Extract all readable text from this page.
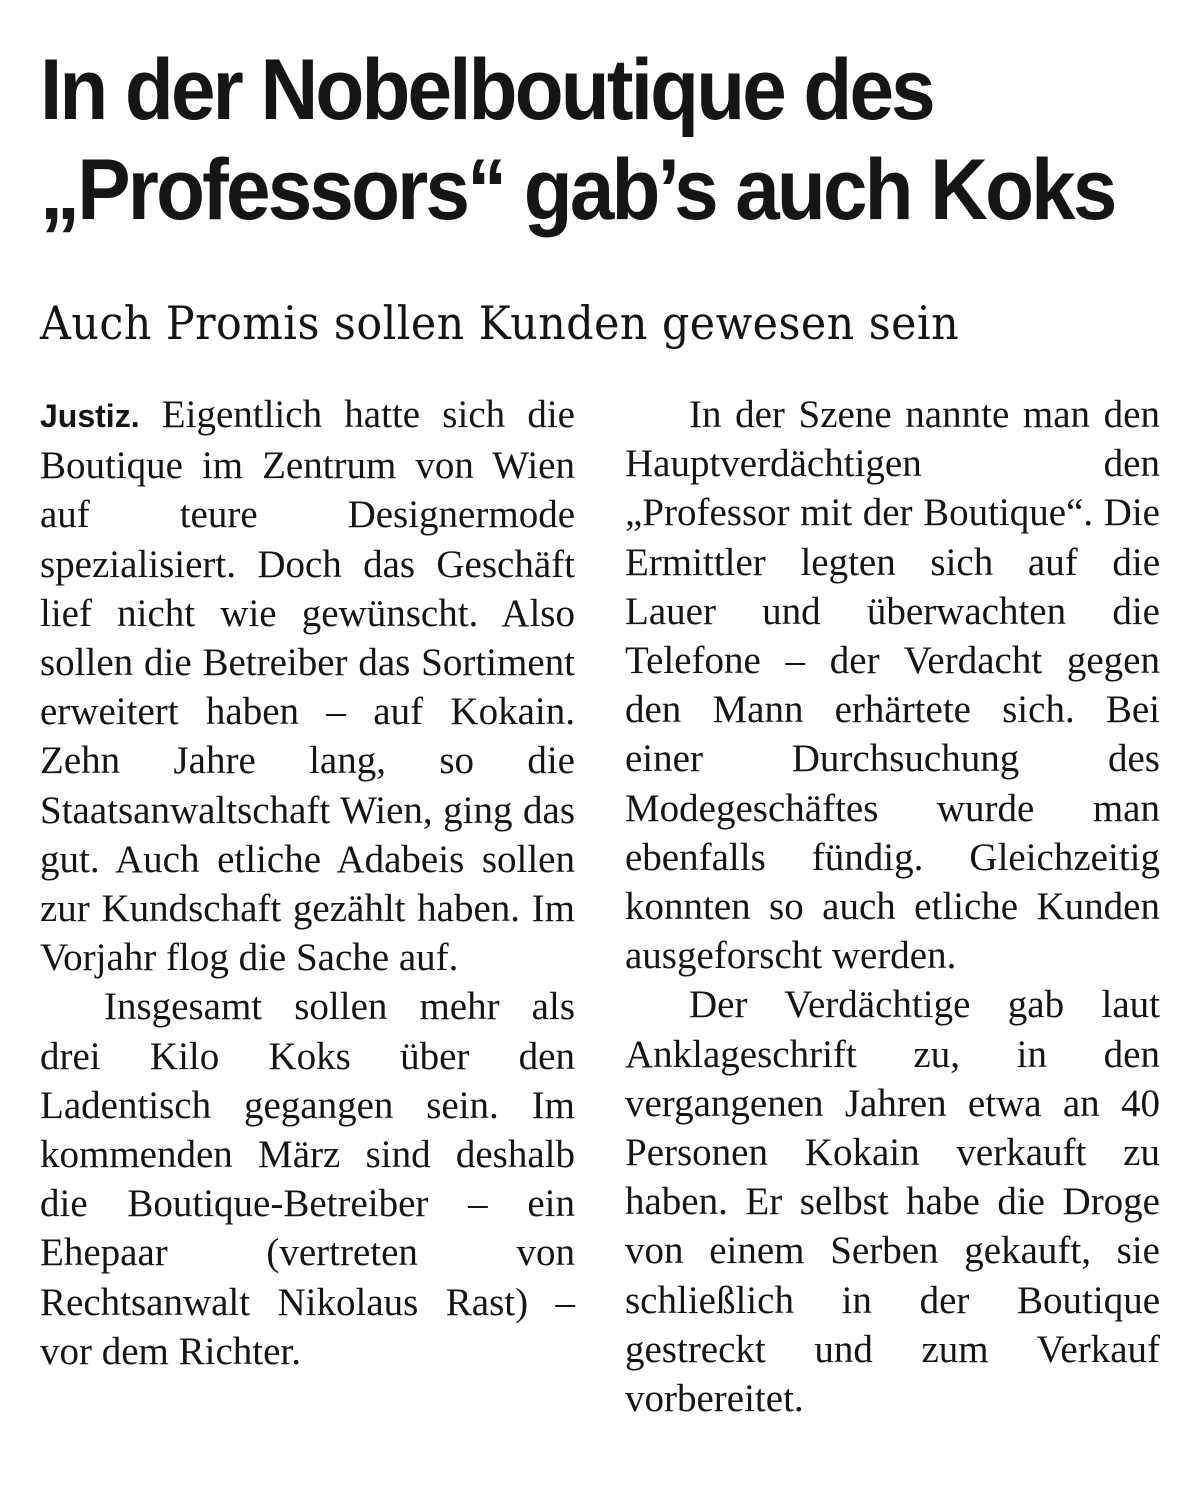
In der Nobelboutique des
„Professors“ gab’s auch Koks
Auch Promis sollen Kunden gewesen sein

Justiz. Eigentlich hatte sich die Boutique im Zentrum von Wien auf teure Designermode spezialisiert. Doch das Geschäft lief nicht wie gewünscht. Also sollen die Betreiber das Sortiment erweitert haben – auf Kokain. Zehn Jahre lang, so die Staatsanwaltschaft Wien, ging das gut. Auch etliche Adabeis sollen zur Kundschaft gezählt haben. Im Vorjahr flog die Sache auf.

Insgesamt sollen mehr als drei Kilo Koks über den Ladentisch gegangen sein. Im kommenden März sind deshalb die Boutique-Betreiber – ein Ehepaar (vertreten von Rechtsanwalt Nikolaus Rast) – vor dem Richter.

In der Szene nannte man den Hauptverdächtigen den „Professor mit der Boutique“. Die Ermittler legten sich auf die Lauer und überwachten die Telefone – der Verdacht gegen den Mann erhärtete sich. Bei einer Durchsuchung des Modegeschäftes wurde man ebenfalls fündig. Gleichzeitig konnten so auch etliche Kunden ausgeforscht werden.

Der Verdächtige gab laut Anklageschrift zu, in den vergangenen Jahren etwa an 40 Personen Kokain verkauft zu haben. Er selbst habe die Droge von einem Serben gekauft, sie schließlich in der Boutique gestreckt und zum Verkauf vorbereitet.
